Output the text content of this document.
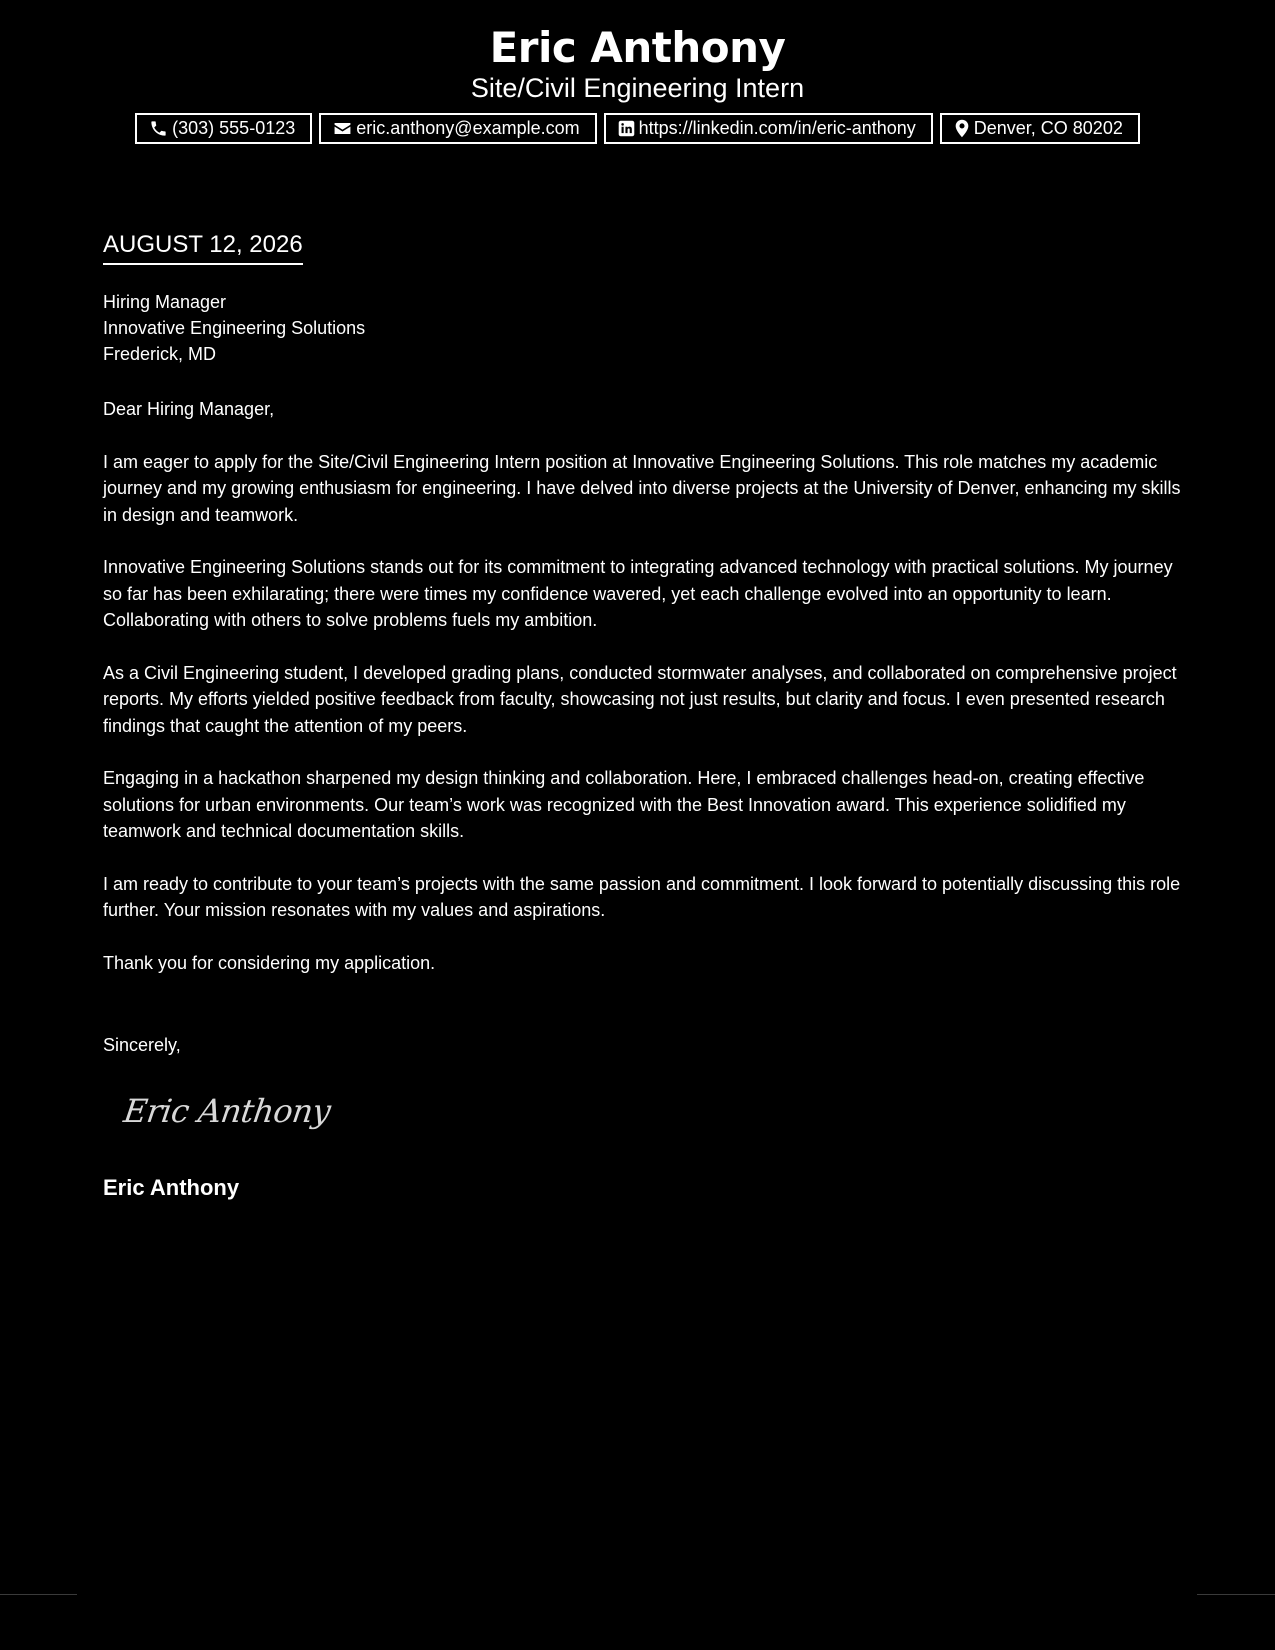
Eric Anthony
Site/Civil Engineering Intern
(303) 555-0123	eric.anthony@example.com	https://linkedin.com/in/eric-anthony	Denver, CO 80202
AUGUST 12, 2026
Hiring Manager
Innovative Engineering Solutions
Frederick, MD

Dear Hiring Manager,

I am eager to apply for the Site/Civil Engineering Intern position at Innovative Engineering Solutions. This role matches my academic journey and my growing enthusiasm for engineering. I have delved into diverse projects at the University of Denver, enhancing my skills in design and teamwork.

Innovative Engineering Solutions stands out for its commitment to integrating advanced technology with practical solutions. My journey so far has been exhilarating; there were times my confidence wavered, yet each challenge evolved into an opportunity to learn. Collaborating with others to solve problems fuels my ambition.

As a Civil Engineering student, I developed grading plans, conducted stormwater analyses, and collaborated on comprehensive project reports. My efforts yielded positive feedback from faculty, showcasing not just results, but clarity and focus. I even presented research findings that caught the attention of my peers.

Engaging in a hackathon sharpened my design thinking and collaboration. Here, I embraced challenges head-on, creating effective solutions for urban environments. Our team’s work was recognized with the Best Innovation award. This experience solidified my teamwork and technical documentation skills.

I am ready to contribute to your team’s projects with the same passion and commitment. I look forward to potentially discussing this role further. Your mission resonates with my values and aspirations.

Thank you for considering my application.

Sincerely,
Eric Anthony
Eric Anthony
